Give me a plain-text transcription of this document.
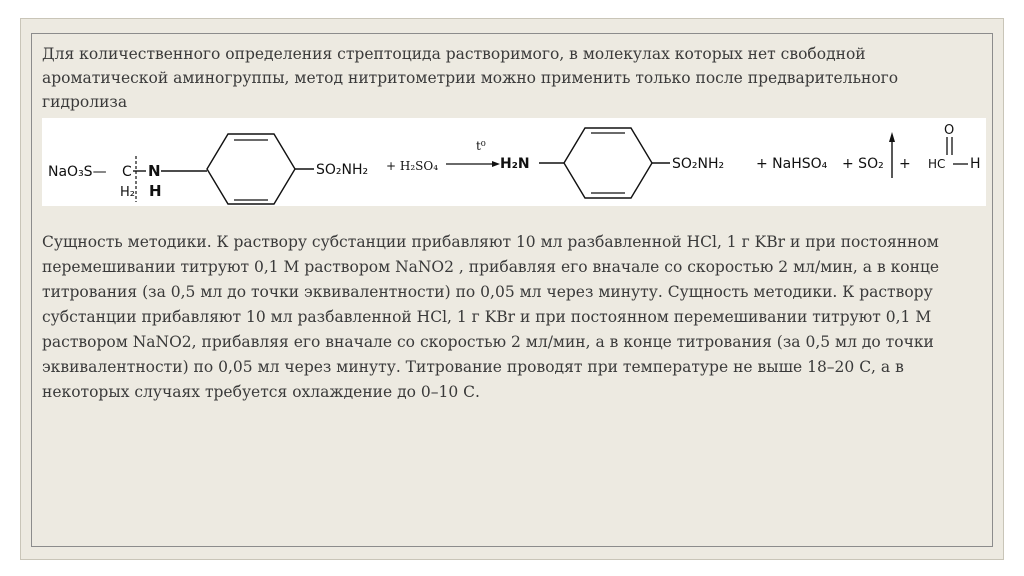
Для количественного определения стрептоцида растворимого, в молекулах которых нет свободной ароматической аминогруппы, метод нитритометрии можно применить только после предварительного гидролиза

NaO₃S— C
H₂
N
H
SO₂NH₂ + H₂SO₄
t⁰
H₂N	SO₂NH₂ + NaHSO₄ + SO₂ +
O
HC H

Сущность методики. К раствору субстанции прибавляют 10 мл разбавленной HCl, 1 г KBr и при постоянном перемешивании титруют 0,1 М раствором NaNO2 , прибавляя его вначале со скоростью 2 мл/мин, а в конце титрования (за 0,5 мл до точки эквивалентности) по 0,05 мл через минуту. Сущность методики. К раствору субстанции прибавляют 10 мл разбавленной HCl, 1 г KBr и при постоянном перемешивании титруют 0,1 М раствором NaNO2, прибавляя его вначале со скоростью 2 мл/мин, а в конце титрования (за 0,5 мл до точки эквивалентности) по 0,05 мл через минуту. Титрование проводят при температуре не выше 18–20 С, а в некоторых случаях требуется охлаждение до 0–10 С.
